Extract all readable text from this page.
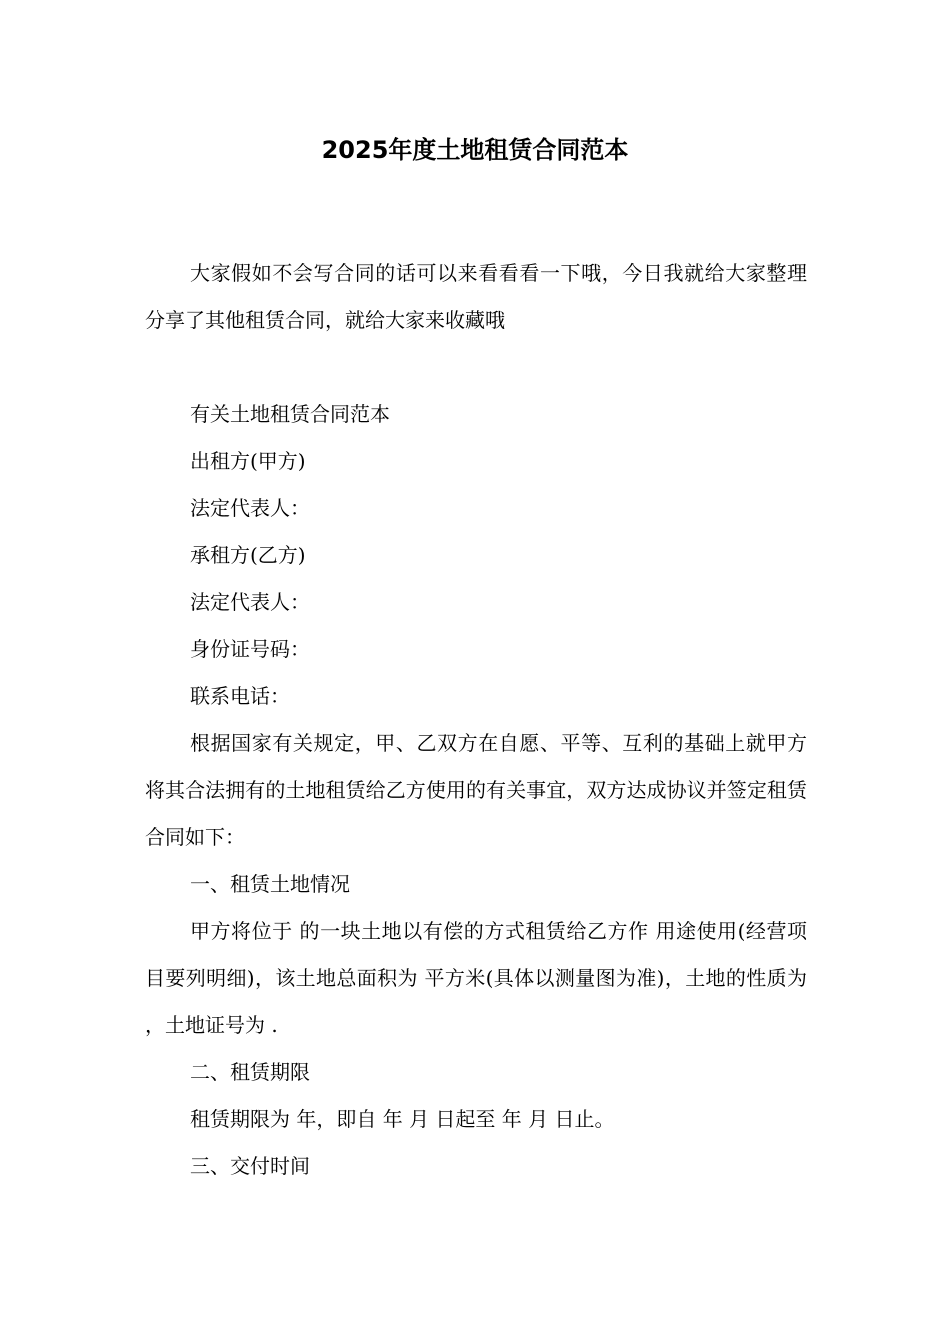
2025年度土地租赁合同范本

大家假如不会写合同的话可以来看看看一下哦，今日我就给大家整理分享了其他租赁合同，就给大家来收藏哦

有关土地租赁合同范本

出租方(甲方)

法定代表人：

承租方(乙方)

法定代表人：

身份证号码：

联系电话：

根据国家有关规定，甲、乙双方在自愿、平等、互利的基础上就甲方将其合法拥有的土地租赁给乙方使用的有关事宜，双方达成协议并签定租赁合同如下：

一、租赁土地情况

甲方将位于 的一块土地以有偿的方式租赁给乙方作 用途使用(经营项目要列明细)，该土地总面积为 平方米(具体以测量图为准)，土地的性质为 ，土地证号为 .

二、租赁期限

租赁期限为 年，即自 年 月 日起至 年 月 日止。

三、交付时间
